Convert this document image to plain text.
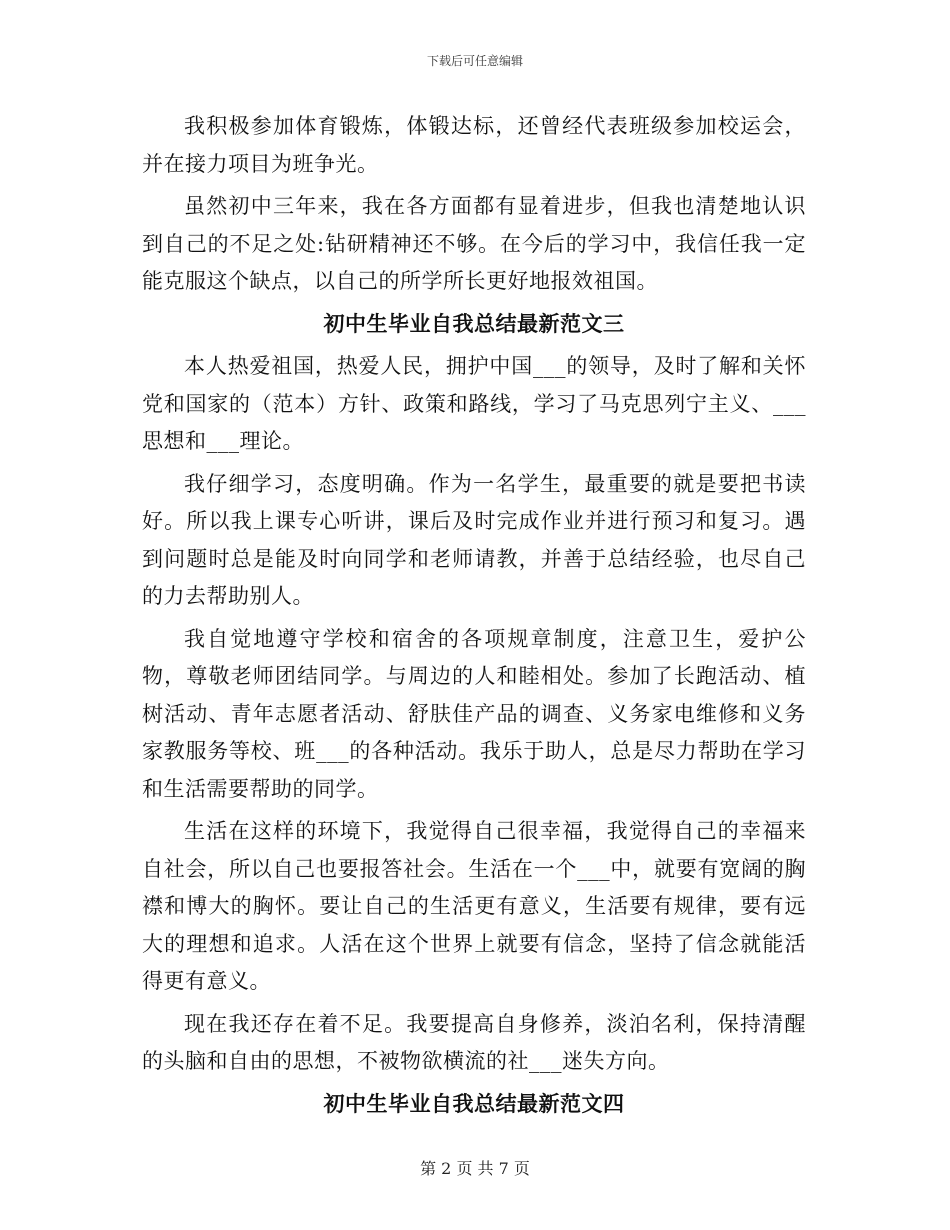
下载后可任意编辑

我积极参加体育锻炼，体锻达标，还曾经代表班级参加校运会，并在接力项目为班争光。

虽然初中三年来，我在各方面都有显着进步，但我也清楚地认识到自己的不足之处:钻研精神还不够。在今后的学习中，我信任我一定能克服这个缺点，以自己的所学所长更好地报效祖国。

初中生毕业自我总结最新范文三

本人热爱祖国，热爱人民，拥护中国___的领导，及时了解和关怀党和国家的（范本）方针、政策和路线，学习了马克思列宁主义、___思想和___理论。

我仔细学习，态度明确。作为一名学生，最重要的就是要把书读好。所以我上课专心听讲，课后及时完成作业并进行预习和复习。遇到问题时总是能及时向同学和老师请教，并善于总结经验，也尽自己的力去帮助别人。

我自觉地遵守学校和宿舍的各项规章制度，注意卫生，爱护公物，尊敬老师团结同学。与周边的人和睦相处。参加了长跑活动、植树活动、青年志愿者活动、舒肤佳产品的调查、义务家电维修和义务家教服务等校、班___的各种活动。我乐于助人，总是尽力帮助在学习和生活需要帮助的同学。

生活在这样的环境下，我觉得自己很幸福，我觉得自己的幸福来自社会，所以自己也要报答社会。生活在一个___中，就要有宽阔的胸襟和博大的胸怀。要让自己的生活更有意义，生活要有规律，要有远大的理想和追求。人活在这个世界上就要有信念，坚持了信念就能活得更有意义。

现在我还存在着不足。我要提高自身修养，淡泊名利，保持清醒的头脑和自由的思想，不被物欲横流的社___迷失方向。

初中生毕业自我总结最新范文四
第 2 页 共 7 页
